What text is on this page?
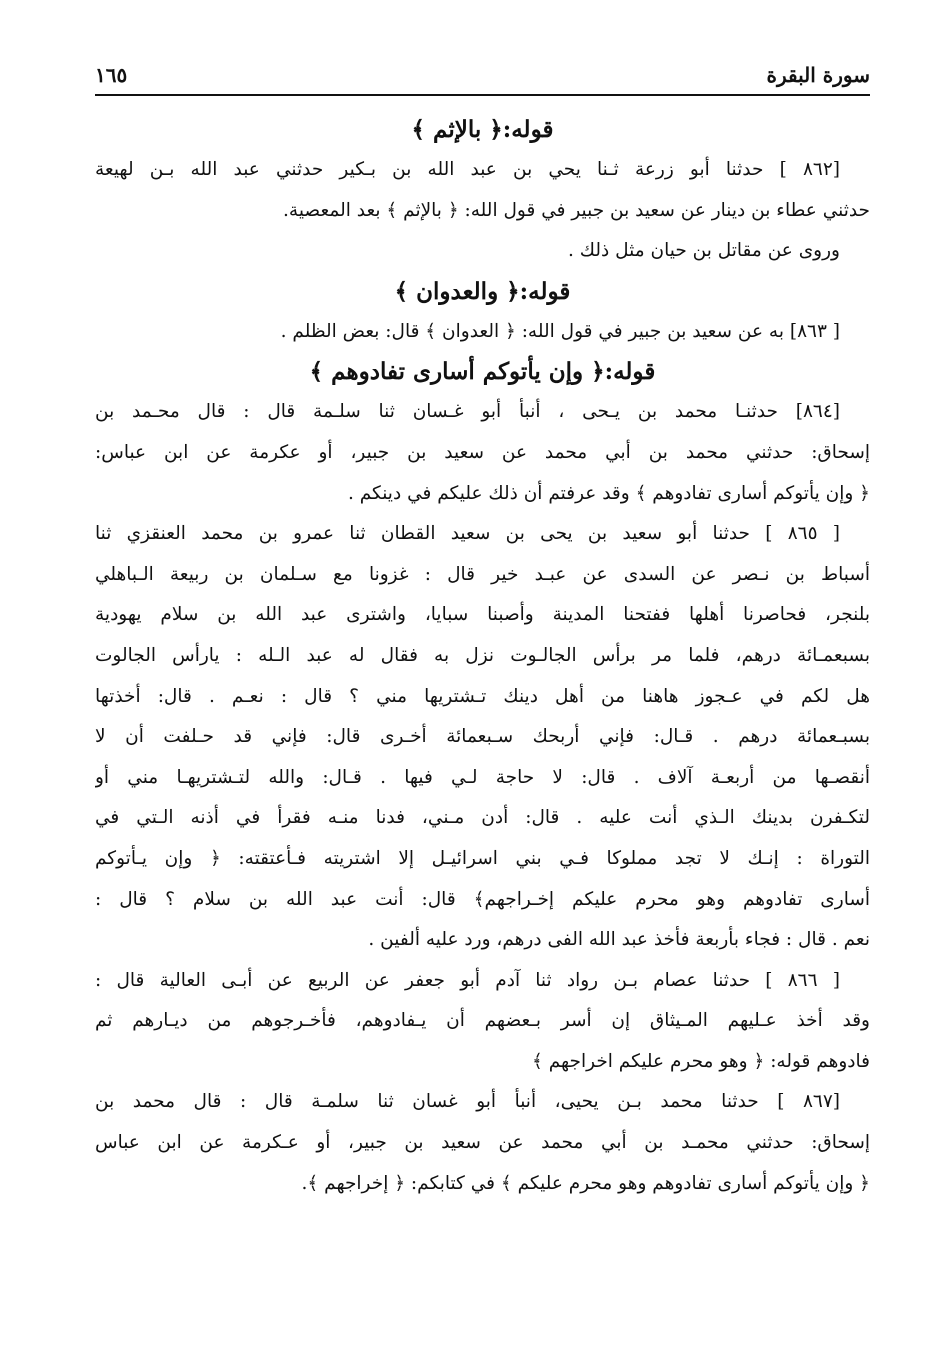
سورة البقرة
١٦٥
قوله:﴿ بالإثم ﴾
[٨٦٢ ] حدثنا أبو زرعة ثـنا يحي بن عبد الله بن بـكير حدثني عبد الله بـن لهيعة
حدثني عطاء بن دينار عن سعيد بن جبير في قول الله: ﴿ بالإثم ﴾ بعد المعصية.
وروى عن مقاتل بن حيان مثل ذلك .
قوله:﴿ والعدوان ﴾
[ ٨٦٣] به عن سعيد بن جبير في قول الله: ﴿ العدوان ﴾ قال: بعض الظلم .
قوله:﴿ وإن يأتوكم أسارى تفادوهم ﴾
[٨٦٤] حدثنـا محمد بن يـحى ، أنبأ أبو غـسان ثنا سلـمة قال : قال محـمد بن
إسحاق: حدثني محمد بن أبي محمد عن سعيد بن جبير، أو عكرمة عن ابن عباس:
﴿ وإن يأتوكم أسارى تفادوهم ﴾ وقد عرفتم أن ذلك عليكم في دينكم .
[ ٨٦٥ ] حدثنا أبو سعيد بن يحى بن سعيد القطان ثنا عمرو بن محمد العنقزي ثنا
أسباط بن نـصر عن السدى عن عبـد خير قال : غزونا مع سـلمان بن ربيعة الـباهلي
بلنجر، فحاصرنا أهلها ففتحنا المدينة وأصبنا سبايا، واشترى عبد الله بن سلام يهودية
بسبعمـائة درهم، فلما مر برأس الجالـوت نزل به فقال له عبد الـله : يارأس الجالوت
هل لكم في عـجوز هاهنا من أهل دينك تـشتريها مني ؟ قال : نعـم . قال: أخذتها
بسبـعمائة درهم . قـال: فإني أربحك سـبعمائة أخـرى قال: فإني قد حـلفت أن لا
أنقصـها من أربعـة آلاف . قال: لا حاجة لـي فيها . قـال: والله لتـشتريهـا مني أو
لتكـفرن بدينك الـذي أنت عليه . قال: أدن مـني، فدنا منـه فقرأ في أذنه الـتي في
التوراة : إنـك لا تجد مملوكا فـي بني اسرائيـل إلا اشتريته فـأعتقته: ﴿ وإن يـأتوكم
أسارى تفادوهم وهو محرم عليكم إخـراجهم﴾ قال: أنت عبد الله بن سلام ؟ قال :
نعم . قال : فجاء بأربعة فأخذ عبد الله الفى درهم، ورد عليه ألفين .
[ ٨٦٦ ] حدثنا عصام بـن رواد ثنا آدم أبو جعفر عن الربيع عن أبـى العالية قال :
وقد أخذ عـليهم المـيثاق إن أسر بـعضهم أن يـفادوهم، فأخـرجوهم من ديـارهم ثم
فادوهم قوله: ﴿ وهو محرم عليكم اخراجهم ﴾
[٨٦٧ ] حدثنا محمد بـن يحيى، أنبأ أبو غسان ثنا سلمـة قال : قال محمد بن
إسحاق: حدثني محمـد بن أبي محمد عن سعيد بن جبير، أو عـكرمة عن ابن عباس
﴿ وإن يأتوكم أسارى تفادوهم وهو محرم عليكم ﴾ في كتابكم: ﴿ إخراجهم ﴾.
